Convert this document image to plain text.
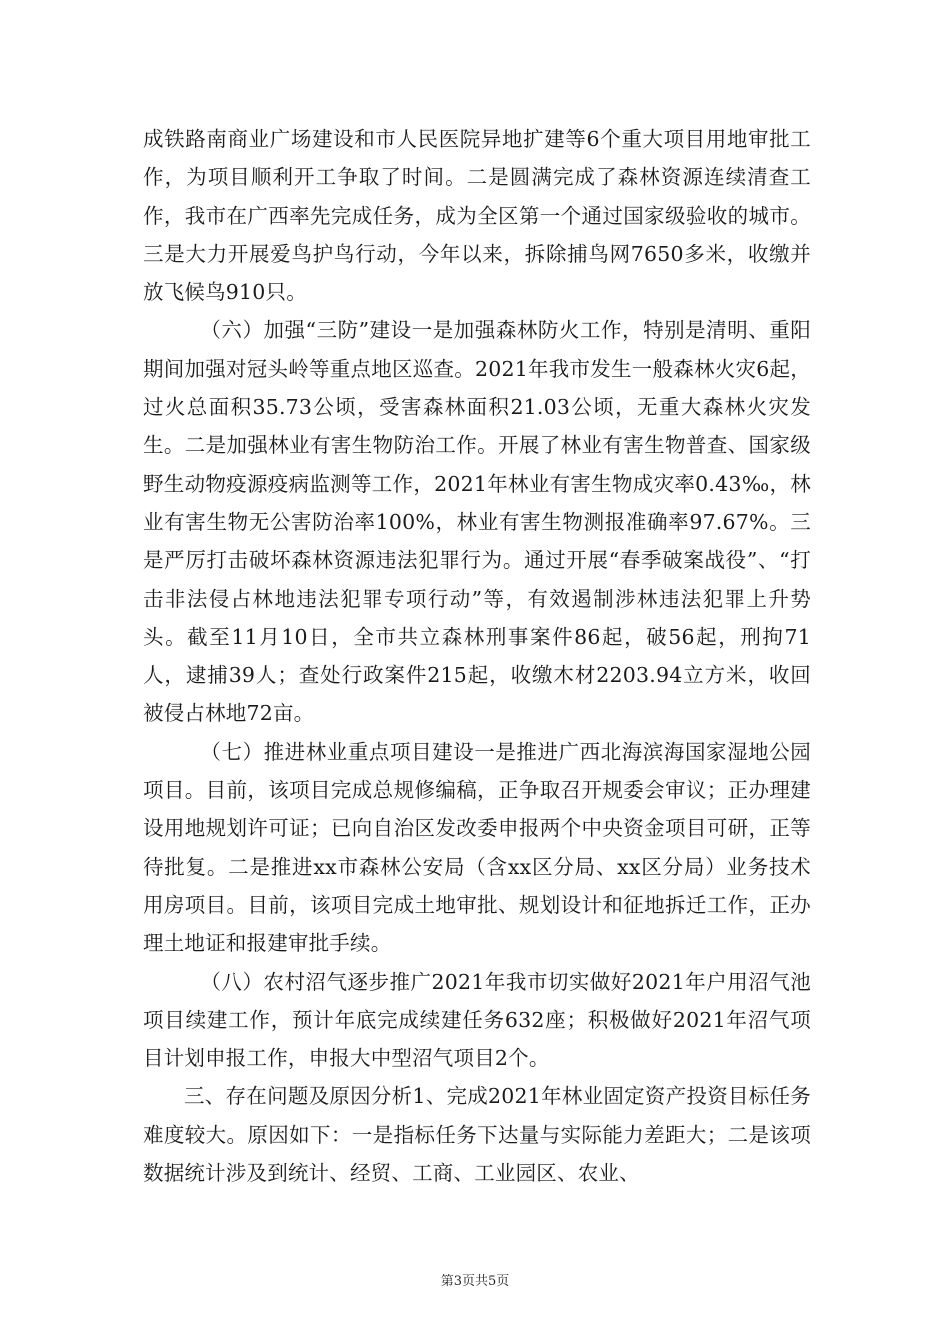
成铁路南商业广场建设和市人民医院异地扩建等6个重大项目用地审批工作，为项目顺利开工争取了时间。二是圆满完成了森林资源连续清查工作，我市在广西率先完成任务，成为全区第一个通过国家级验收的城市。三是大力开展爱鸟护鸟行动，今年以来，拆除捕鸟网7650多米，收缴并放飞候鸟910只。

（六）加强“三防”建设一是加强森林防火工作，特别是清明、重阳期间加强对冠头岭等重点地区巡查。2021年我市发生一般森林火灾6起，过火总面积35.73公顷，受害森林面积21.03公顷，无重大森林火灾发生。二是加强林业有害生物防治工作。开展了林业有害生物普查、国家级野生动物疫源疫病监测等工作，2021年林业有害生物成灾率0.43‰，林业有害生物无公害防治率100%，林业有害生物测报准确率97.67%。三是严厉打击破坏森林资源违法犯罪行为。通过开展“春季破案战役”、“打击非法侵占林地违法犯罪专项行动”等，有效遏制涉林违法犯罪上升势头。截至11月10日，全市共立森林刑事案件86起，破56起，刑拘71人，逮捕39人；查处行政案件215起，收缴木材2203.94立方米，收回被侵占林地72亩。

（七）推进林业重点项目建设一是推进广西北海滨海国家湿地公园项目。目前，该项目完成总规修编稿，正争取召开规委会审议；正办理建设用地规划许可证；已向自治区发改委申报两个中央资金项目可研，正等待批复。二是推进xx市森林公安局（含xx区分局、xx区分局）业务技术用房项目。目前，该项目完成土地审批、规划设计和征地拆迁工作，正办理土地证和报建审批手续。

（八）农村沼气逐步推广2021年我市切实做好2021年户用沼气池项目续建工作，预计年底完成续建任务632座；积极做好2021年沼气项目计划申报工作，申报大中型沼气项目2个。

三、存在问题及原因分析1、完成2021年林业固定资产投资目标任务难度较大。原因如下：一是指标任务下达量与实际能力差距大；二是该项数据统计涉及到统计、经贸、工商、工业园区、农业、

第3页共5页
